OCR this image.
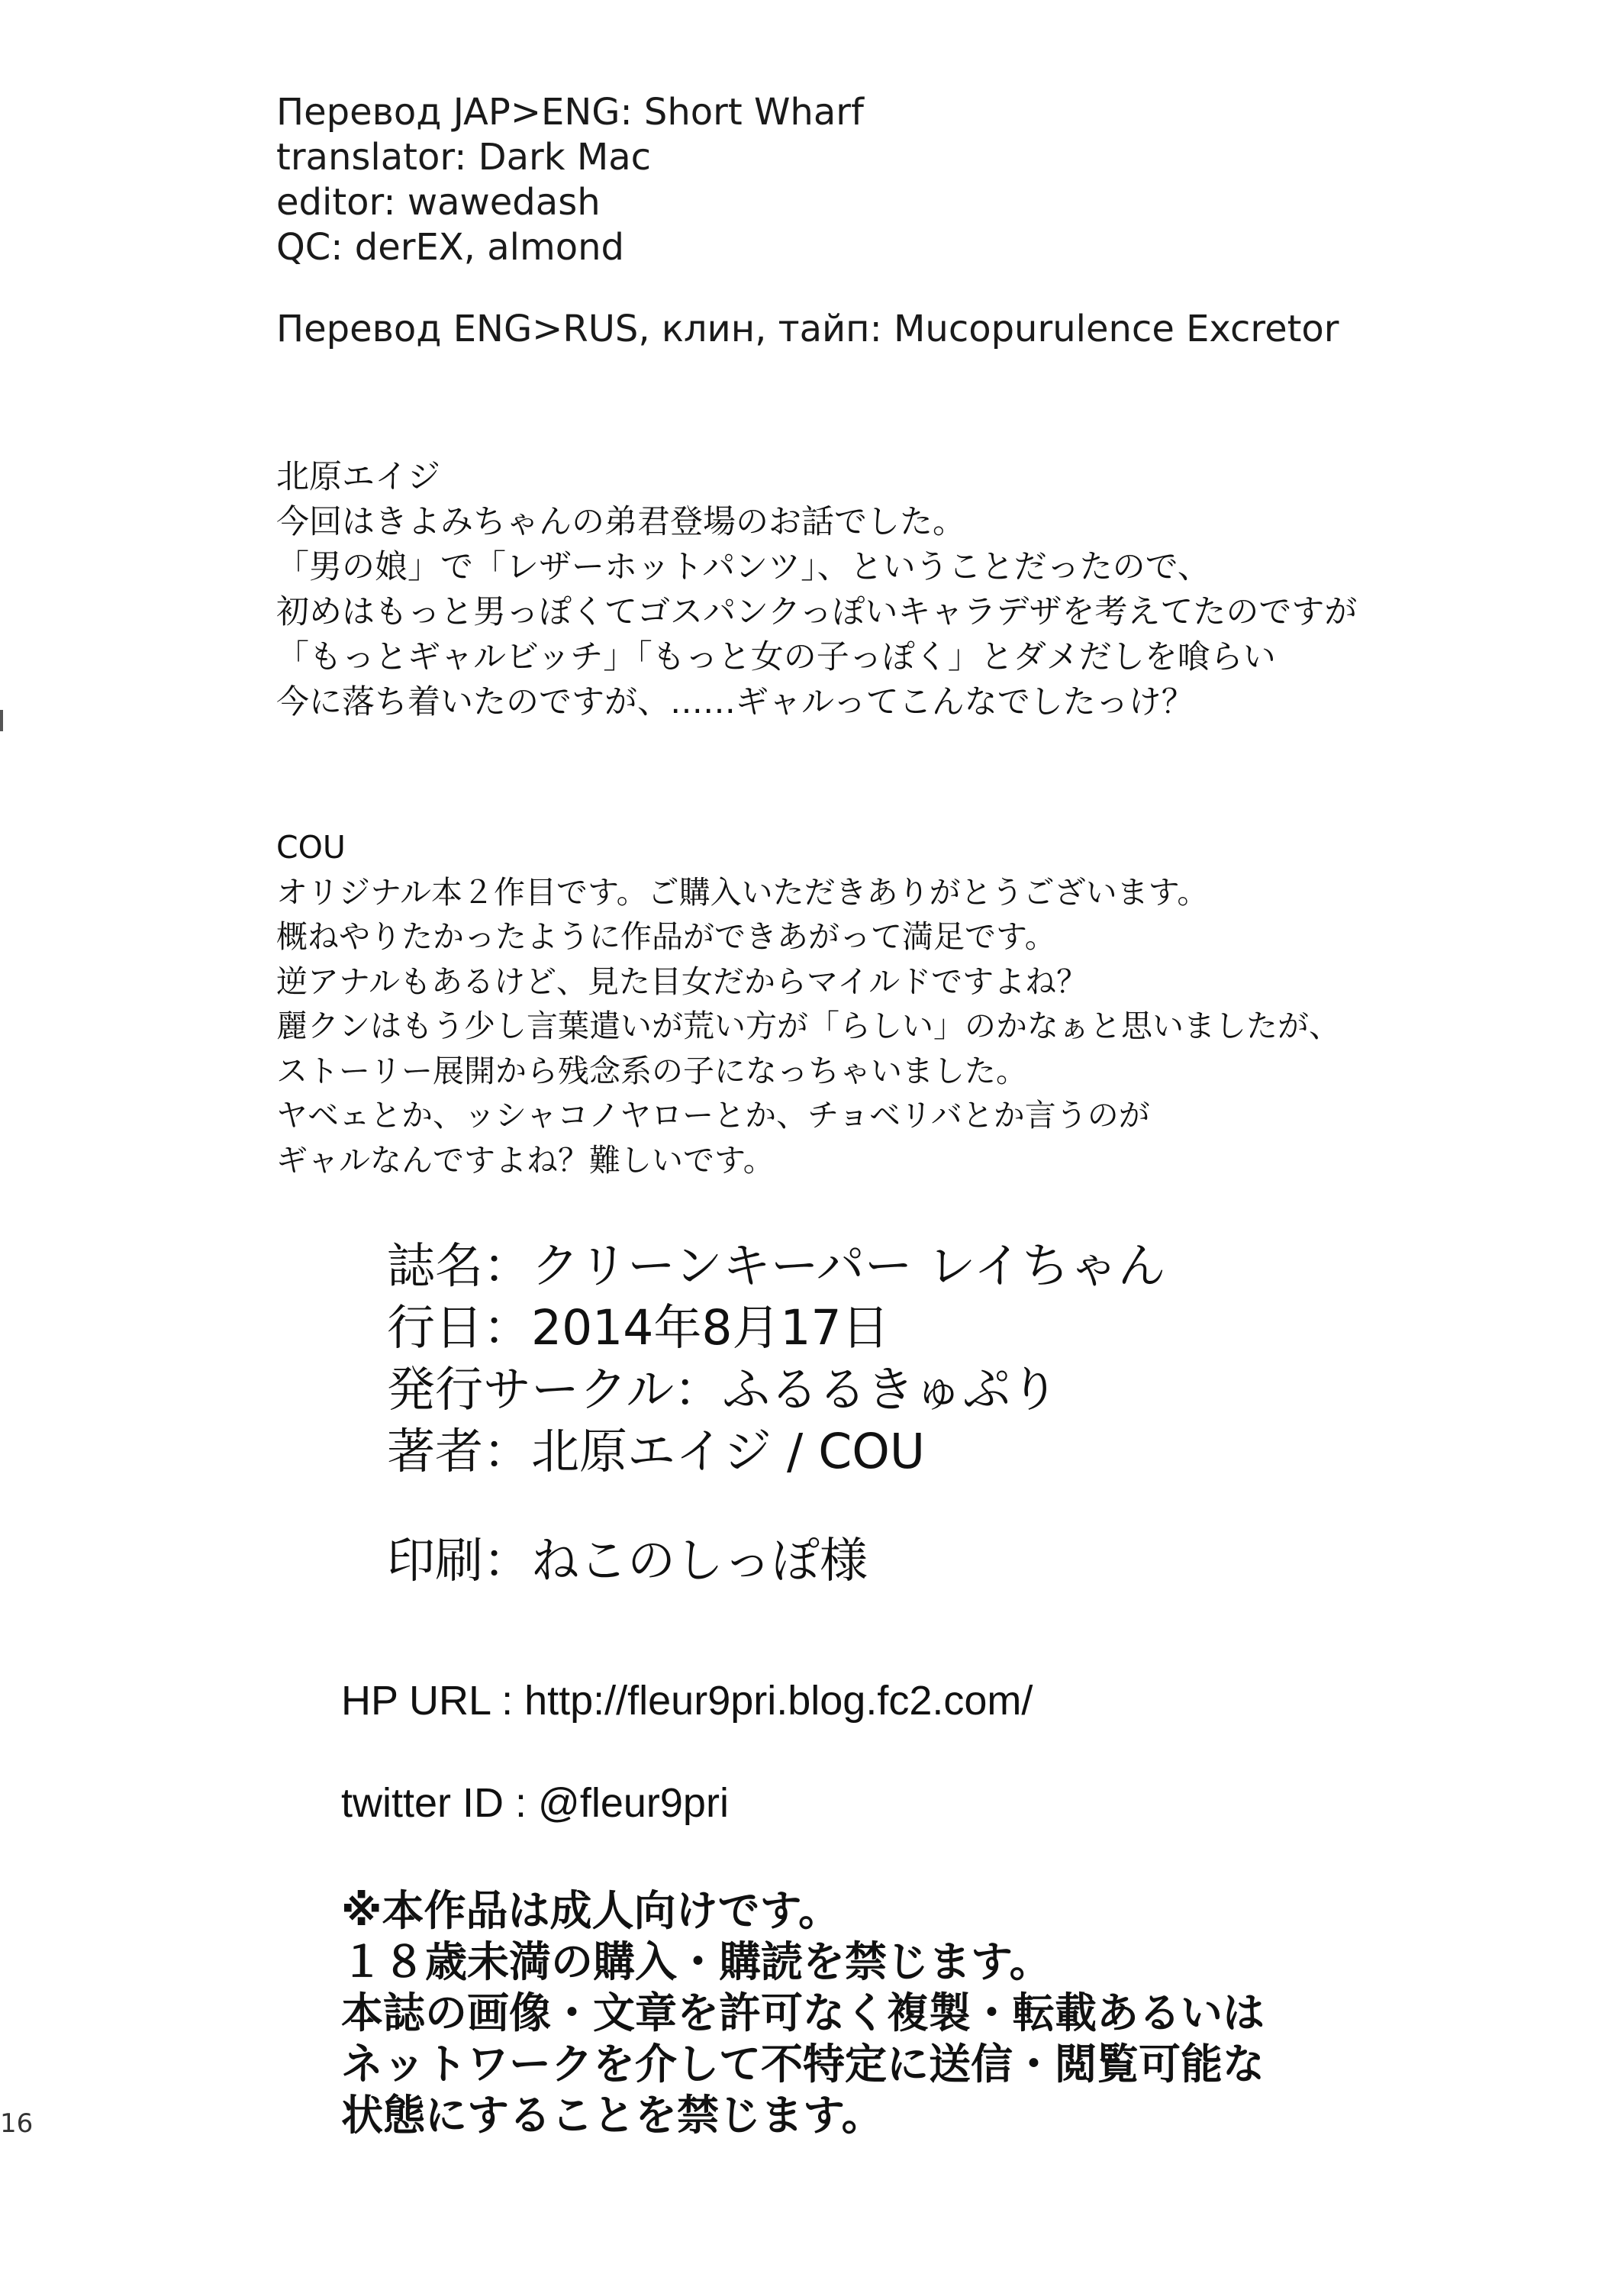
Перевод JAP>ENG: Short Wharf
translator: Dark Mac
editor: wawedash
QC: derEX, almond
Перевод ENG>RUS, клин, тайп: Mucopurulence Excretor
北原エイジ
今回はきよみちゃんの弟君登場のお話でした。
「男の娘」で「レザーホットパンツ」、ということだったので、
初めはもっと男っぽくてゴスパンクっぽいキャラデザを考えてたのですが
「もっとギャルビッチ」「もっと女の子っぽく」とダメだしを喰らい
今に落ち着いたのですが、……ギャルってこんなでしたっけ？
COU
オリジナル本２作目です。ご購入いただきありがとうございます。
概ねやりたかったように作品ができあがって満足です。
逆アナルもあるけど、見た目女だからマイルドですよね？
麗クンはもう少し言葉遣いが荒い方が「らしい」のかなぁと思いましたが、
ストーリー展開から残念系の子になっちゃいました。
ヤベェとか、ッシャコノヤローとか、チョベリバとか言うのが
ギャルなんですよね？難しいです。
誌名：クリーンキーパー レイちゃん
行日：2014年8月17日
発行サークル：ふるるきゅぷり
著者：北原エイジ / COU
印刷：ねこのしっぽ様
HP URL : http://fleur9pri.blog.fc2.com/
twitter ID : @fleur9pri
※本作品は成人向けです。
１８歳未満の購入・購読を禁じます。
本誌の画像・文章を許可なく複製・転載あるいは
ネットワークを介して不特定に送信・閲覧可能な
状態にすることを禁じます。
16
